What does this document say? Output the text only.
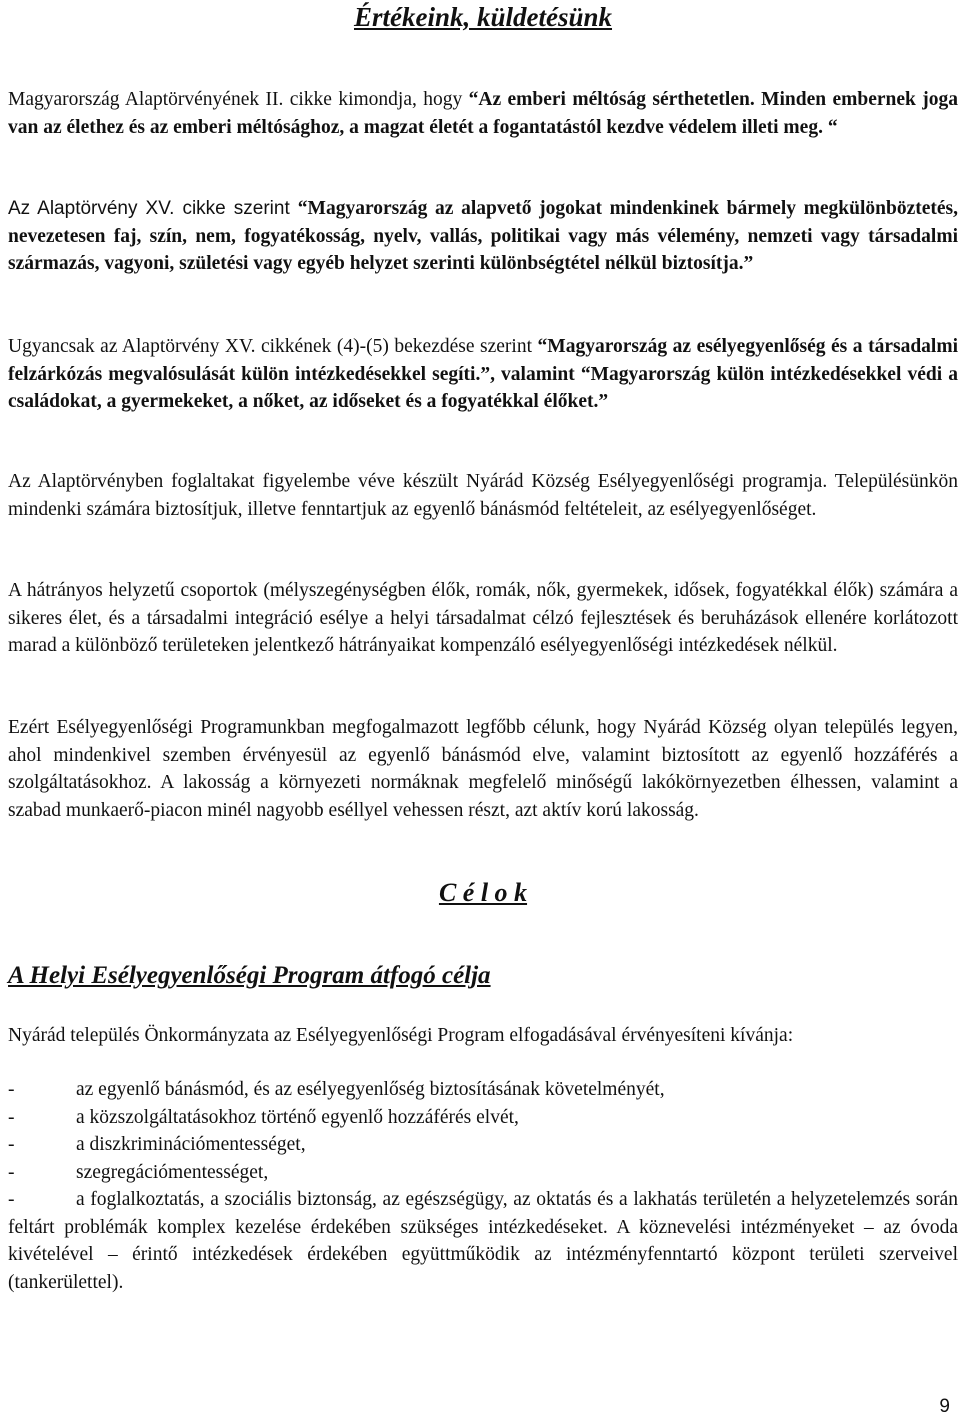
Értékeink, küldetésünk

Magyarország Alaptörvényének II. cikke kimondja, hogy “Az emberi méltóság sérthetetlen. Minden embernek joga van az élethez és az emberi méltósághoz, a magzat életét a fogantatástól kezdve védelem illeti meg. “

Az Alaptörvény XV. cikke szerint “Magyarország az alapvető jogokat mindenkinek bármely megkülönböztetés, nevezetesen faj, szín, nem, fogyatékosság, nyelv, vallás, politikai vagy más vélemény, nemzeti vagy társadalmi származás, vagyoni, születési vagy egyéb helyzet szerinti különbségtétel nélkül biztosítja.”

Ugyancsak az Alaptörvény XV. cikkének (4)-(5) bekezdése szerint “Magyarország az esélyegyenlőség és a társadalmi felzárkózás megvalósulását külön intézkedésekkel segíti.”, valamint “Magyarország külön intézkedésekkel védi a családokat, a gyermekeket, a nőket, az időseket és a fogyatékkal élőket.”

Az Alaptörvényben foglaltakat figyelembe véve készült Nyárád Község Esélyegyenlőségi programja. Településünkön mindenki számára biztosítjuk, illetve fenntartjuk az egyenlő bánásmód feltételeit, az esélyegyenlőséget.

A hátrányos helyzetű csoportok (mélyszegénységben élők, romák, nők, gyermekek, idősek, fogyatékkal élők) számára a sikeres élet, és a társadalmi integráció esélye a helyi társadalmat célzó fejlesztések és beruházások ellenére korlátozott marad a különböző területeken jelentkező hátrányaikat kompenzáló esélyegyenlőségi intézkedések nélkül.

Ezért Esélyegyenlőségi Programunkban megfogalmazott legfőbb célunk, hogy Nyárád Község olyan település legyen, ahol mindenkivel szemben érvényesül az egyenlő bánásmód elve, valamint biztosított az egyenlő hozzáférés a szolgáltatásokhoz. A lakosság a környezeti normáknak megfelelő minőségű lakókörnyezetben élhessen, valamint a szabad munkaerő-piacon minél nagyobb eséllyel vehessen részt, azt aktív korú lakosság.

C é l o k
A Helyi Esélyegyenlőségi Program átfogó célja

Nyárád település Önkormányzata az Esélyegyenlőségi Program elfogadásával érvényesíteni kívánja:

-	az egyenlő bánásmód, és az esélyegyenlőség biztosításának követelményét,

-	a közszolgáltatásokhoz történő egyenlő hozzáférés elvét,

-	a diszkriminációmentességet,

-	szegregációmentességet,

-	a foglalkoztatás, a szociális biztonság, az egészségügy, az oktatás és a lakhatás területén a helyzetelemzés során feltárt problémák komplex kezelése érdekében szükséges intézkedéseket. A köznevelési intézményeket – az óvoda kivételével – érintő intézkedések érdekében együttműködik az intézményfenntartó központ területi szerveivel (tankerülettel).

9
